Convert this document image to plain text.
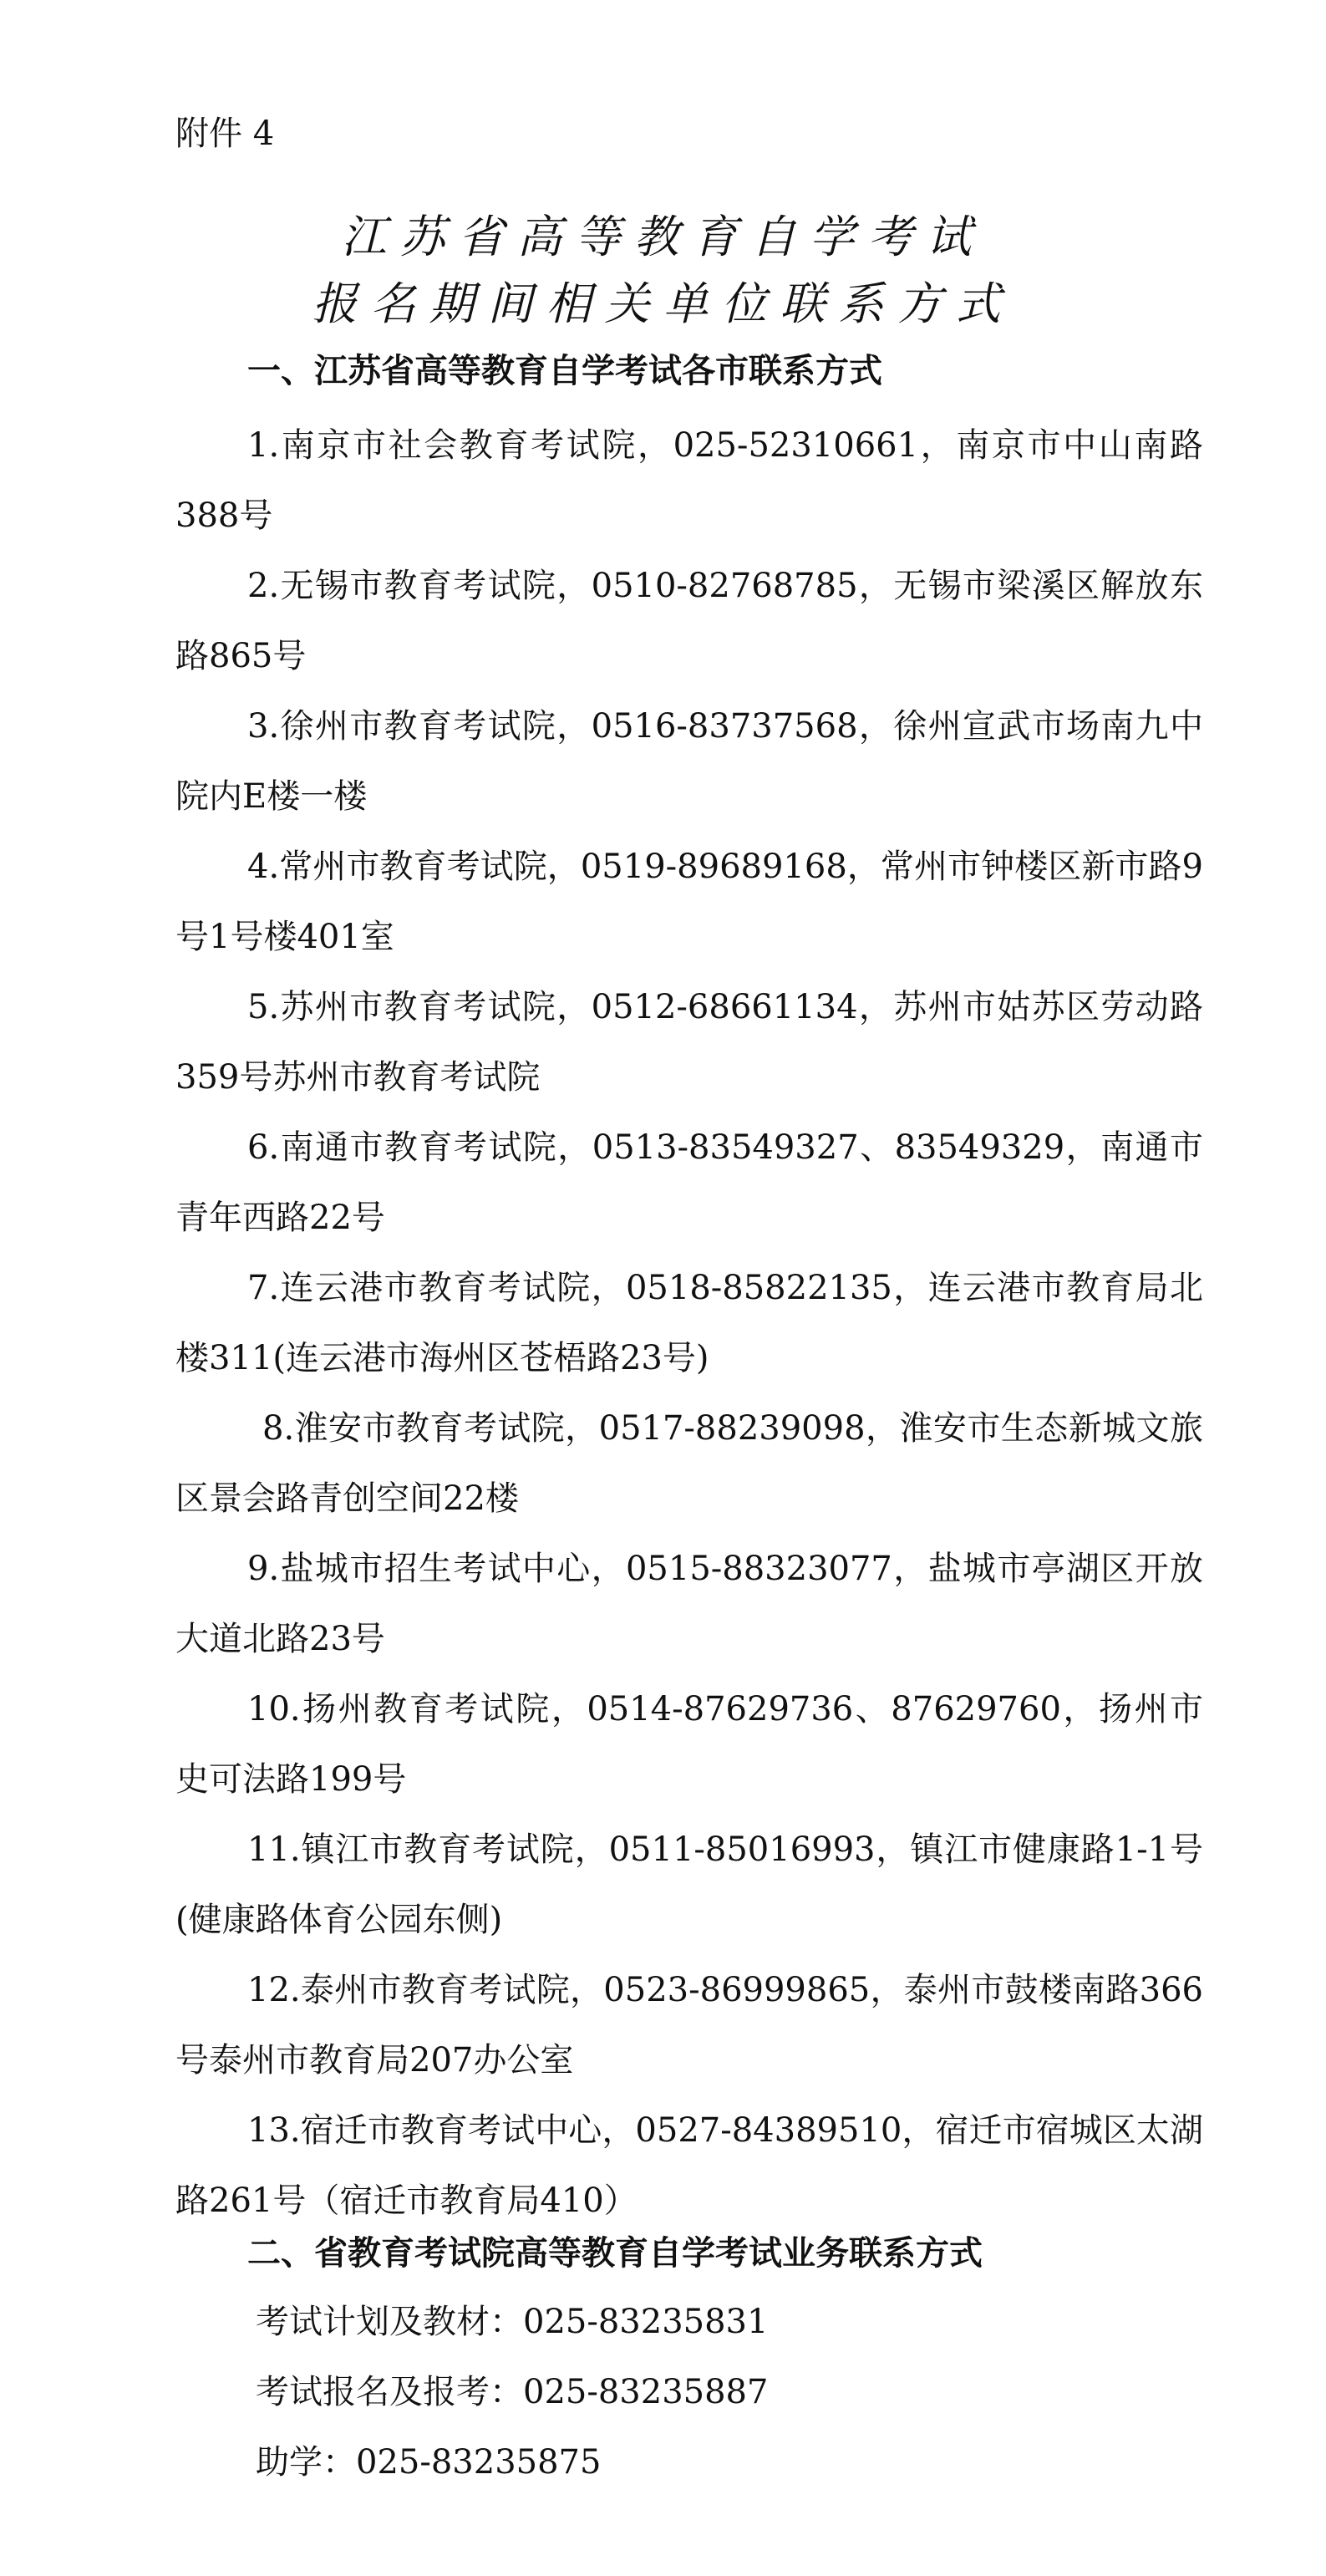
附件 4
江苏省高等教育自学考试
报名期间相关单位联系方式
一、江苏省高等教育自学考试各市联系方式

1.南京市社会教育考试院，025-52310661，南京市中山南路388号

2.无锡市教育考试院，0510-82768785，无锡市梁溪区解放东路865号

3.徐州市教育考试院，0516-83737568，徐州宣武市场南九中院内E楼一楼

4.常州市教育考试院，0519-89689168，常州市钟楼区新市路9号1号楼401室

5.苏州市教育考试院，0512-68661134，苏州市姑苏区劳动路359号苏州市教育考试院

6.南通市教育考试院，0513-83549327、83549329，南通市青年西路22号

7.连云港市教育考试院，0518-85822135，连云港市教育局北楼311(连云港市海州区苍梧路23号)

8.淮安市教育考试院，0517-88239098，淮安市生态新城文旅区景会路青创空间22楼

9.盐城市招生考试中心，0515-88323077，盐城市亭湖区开放大道北路23号

10.扬州教育考试院，0514-87629736、87629760，扬州市史可法路199号

11.镇江市教育考试院，0511-85016993，镇江市健康路1-1号(健康路体育公园东侧)

12.泰州市教育考试院，0523-86999865，泰州市鼓楼南路366号泰州市教育局207办公室

13.宿迁市教育考试中心，0527-84389510，宿迁市宿城区太湖路261号（宿迁市教育局410）

二、省教育考试院高等教育自学考试业务联系方式
考试计划及教材：025-83235831
考试报名及报考：025-83235887
助学：025-83235875
